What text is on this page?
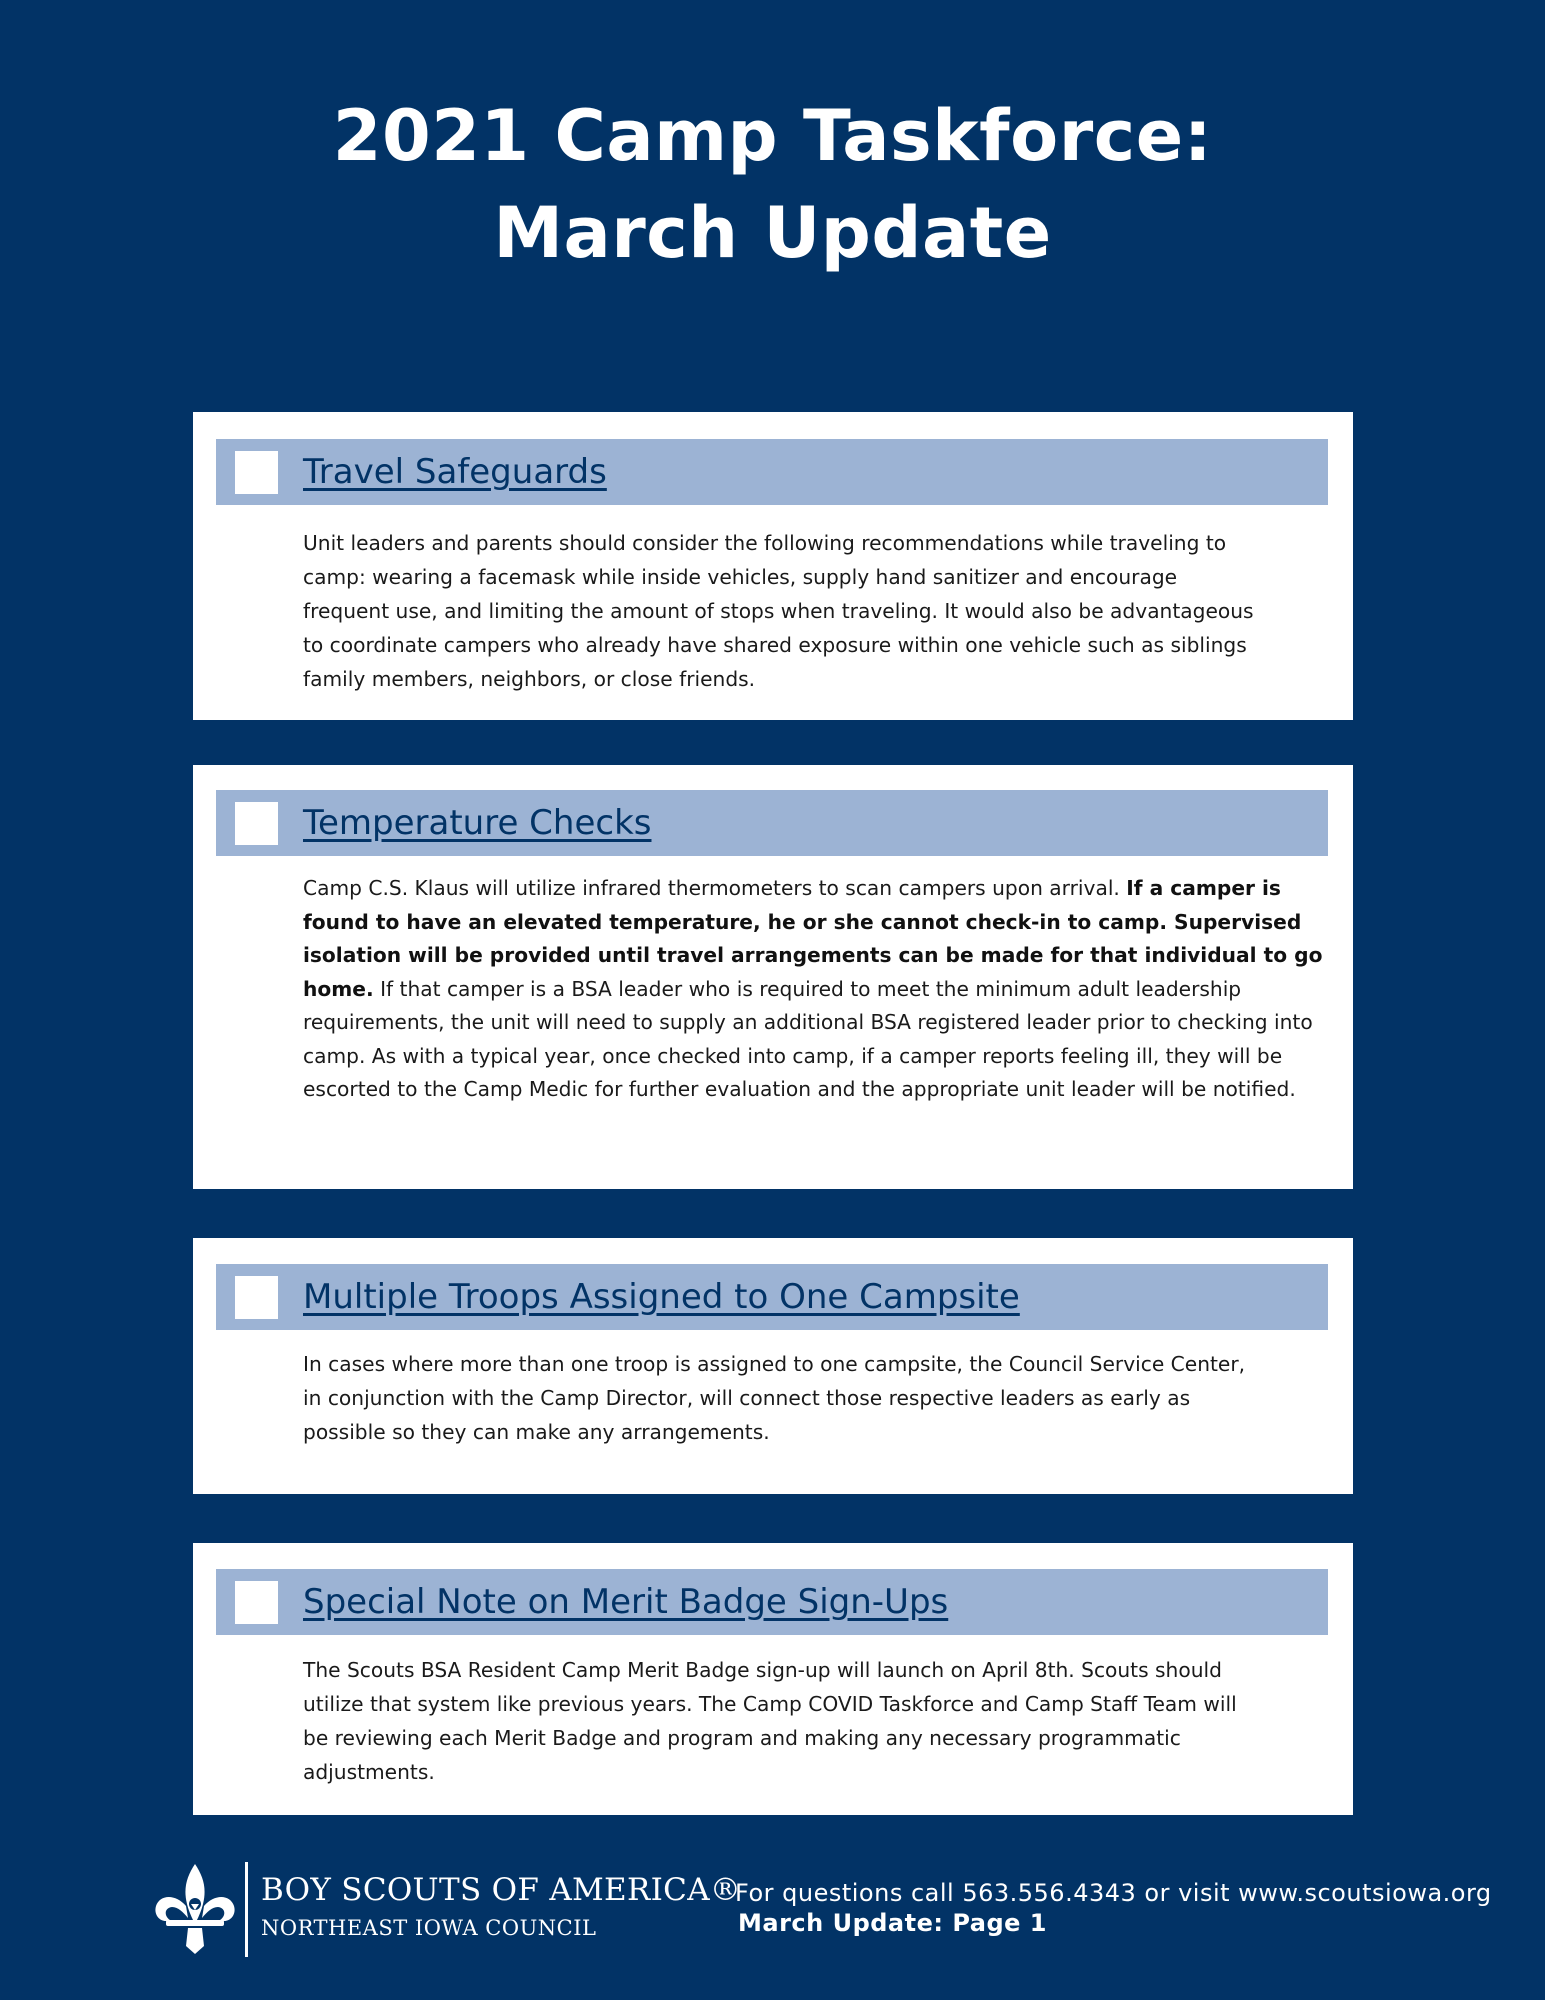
2021 Camp Taskforce:
March Update
Travel Safeguards
Unit leaders and parents should consider the following recommendations while traveling to
camp: wearing a facemask while inside vehicles, supply hand sanitizer and encourage
frequent use, and limiting the amount of stops when traveling. It would also be advantageous
to coordinate campers who already have shared exposure within one vehicle such as siblings
family members, neighbors, or close friends.
Temperature Checks
Camp C.S. Klaus will utilize infrared thermometers to scan campers upon arrival. If a camper is found to have an elevated temperature, he or she cannot check-in to camp. Supervised isolation will be provided until travel arrangements can be made for that individual to go home. If that camper is a BSA leader who is required to meet the minimum adult leadership requirements, the unit will need to supply an additional BSA registered leader prior to checking into camp. As with a typical year, once checked into camp, if a camper reports feeling ill, they will be escorted to the Camp Medic for further evaluation and the appropriate unit leader will be notified.
Multiple Troops Assigned to One Campsite
In cases where more than one troop is assigned to one campsite, the Council Service Center,
in conjunction with the Camp Director, will connect those respective leaders as early as
possible so they can make any arrangements.
Special Note on Merit Badge Sign-Ups
The Scouts BSA Resident Camp Merit Badge sign-up will launch on April 8th. Scouts should
utilize that system like previous years. The Camp COVID Taskforce and Camp Staff Team will
be reviewing each Merit Badge and program and making any necessary programmatic
adjustments.
BOY SCOUTS OF AMERICA®
NORTHEAST IOWA COUNCIL
For questions call 563.556.4343 or visit www.scoutsiowa.org
March Update: Page 1
